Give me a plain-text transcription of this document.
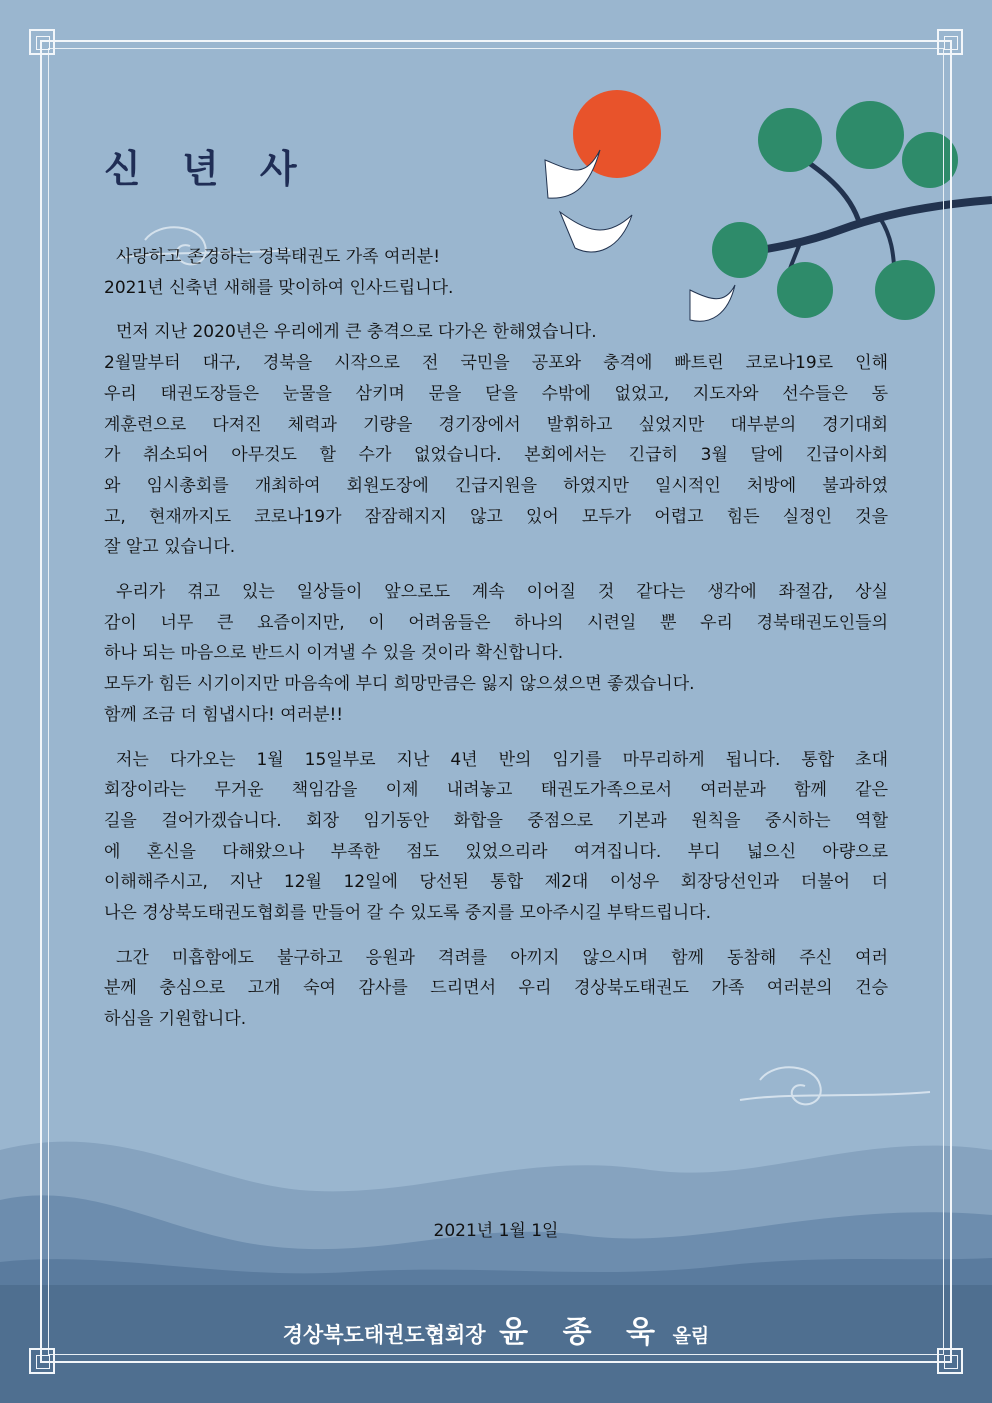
신 년 사

사랑하고 존경하는 경북태권도 가족 여러분!
2021년 신축년 새해를 맞이하여 인사드립니다.

먼저 지난 2020년은 우리에게 큰 충격으로 다가온 한해였습니다.
2월말부터 대구, 경북을 시작으로 전 국민을 공포와 충격에 빠트린 코로나19로 인해
우리 태권도장들은 눈물을 삼키며 문을 닫을 수밖에 없었고, 지도자와 선수들은 동
계훈련으로 다져진 체력과 기량을 경기장에서 발휘하고 싶었지만 대부분의 경기대회
가 취소되어 아무것도 할 수가 없었습니다. 본회에서는 긴급히 3월 달에 긴급이사회
와 임시총회를 개최하여 회원도장에 긴급지원을 하였지만 일시적인 처방에 불과하였
고, 현재까지도 코로나19가 잠잠해지지 않고 있어 모두가 어렵고 힘든 실정인 것을
잘 알고 있습니다.

우리가 겪고 있는 일상들이 앞으로도 계속 이어질 것 같다는 생각에 좌절감, 상실
감이 너무 큰 요즘이지만, 이 어려움들은 하나의 시련일 뿐 우리 경북태권도인들의
하나 되는 마음으로 반드시 이겨낼 수 있을 것이라 확신합니다.
모두가 힘든 시기이지만 마음속에 부디 희망만큼은 잃지 않으셨으면 좋겠습니다.
함께 조금 더 힘냅시다! 여러분!!

저는 다가오는 1월 15일부로 지난 4년 반의 임기를 마무리하게 됩니다. 통합 초대
회장이라는 무거운 책임감을 이제 내려놓고 태권도가족으로서 여러분과 함께 같은
길을 걸어가겠습니다. 회장 임기동안 화합을 중점으로 기본과 원칙을 중시하는 역할
에 혼신을 다해왔으나 부족한 점도 있었으리라 여겨집니다. 부디 넓으신 아량으로
이해해주시고, 지난 12월 12일에 당선된 통합 제2대 이성우 회장당선인과 더불어 더
나은 경상북도태권도협회를 만들어 갈 수 있도록 중지를 모아주시길 부탁드립니다.

그간 미흡함에도 불구하고 응원과 격려를 아끼지 않으시며 함께 동참해 주신 여러
분께 충심으로 고개 숙여 감사를 드리면서 우리 경상북도태권도 가족 여러분의 건승
하심을 기원합니다.

2021년 1월 1일
경상북도태권도협회장 윤 종 욱 올림
